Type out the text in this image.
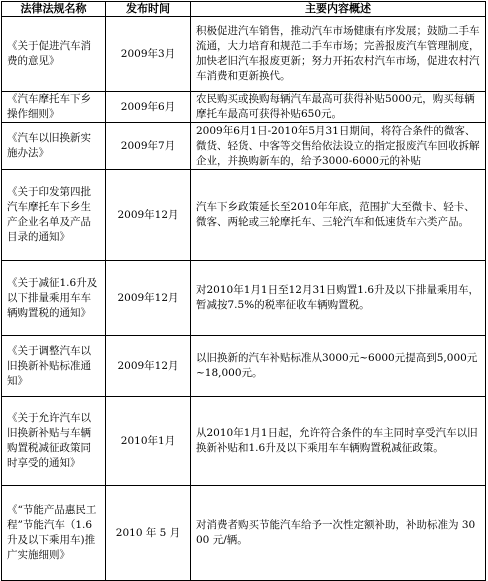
法律法规名称	发布时间	主要内容概述
《关于促进汽车消费的意见》	2009年3月	积极促进汽车销售，推动汽车市场健康有序发展；鼓励二手车流通，大力培育和规范二手车市场；完善报废汽车管理制度，加快老旧汽车报废更新；努力开拓农村汽车市场，促进农村汽车消费和更新换代。
《汽车摩托车下乡操作细则》	2009年6月	农民购买或换购每辆汽车最高可获得补贴5000元，购买每辆摩托车最高可获得补贴650元。
《汽车以旧换新实施办法》	2009年7月	2009年6月1日-2010年5月31日期间，将符合条件的微客、微货、轻货、中客等交售给依法设立的指定报废汽车回收拆解企业，并换购新车的，给予3000-6000元的补贴
《关于印发第四批汽车摩托车下乡生产企业名单及产品目录的通知》	2009年12月	汽车下乡政策延长至2010年年底，范围扩大至微卡、轻卡、微客、两轮或三轮摩托车、三轮汽车和低速货车六类产品。
《关于减征1.6升及以下排量乘用车车辆购置税的通知》	2009年12月	对2010年1月1日至12月31日购置1.6升及以下排量乘用车，暂减按7.5%的税率征收车辆购置税。
《关于调整汽车以旧换新补贴标准通知》	2009年12月	以旧换新的汽车补贴标准从3000元~6000元提高到5,000元~18,000元。
《关于允许汽车以旧换新补贴与车辆购置税减征政策同时享受的通知》	2010年1月	从2010年1月1日起，允许符合条件的车主同时享受汽车以旧换新补贴和1.6升及以下乘用车车辆购置税减征政策。
《“节能产品惠民工程”节能汽车（1.6升及以下乘用车)推广实施细则》	2010 年 5 月	对消费者购买节能汽车给予一次性定额补助，补助标准为 3000 元/辆。
